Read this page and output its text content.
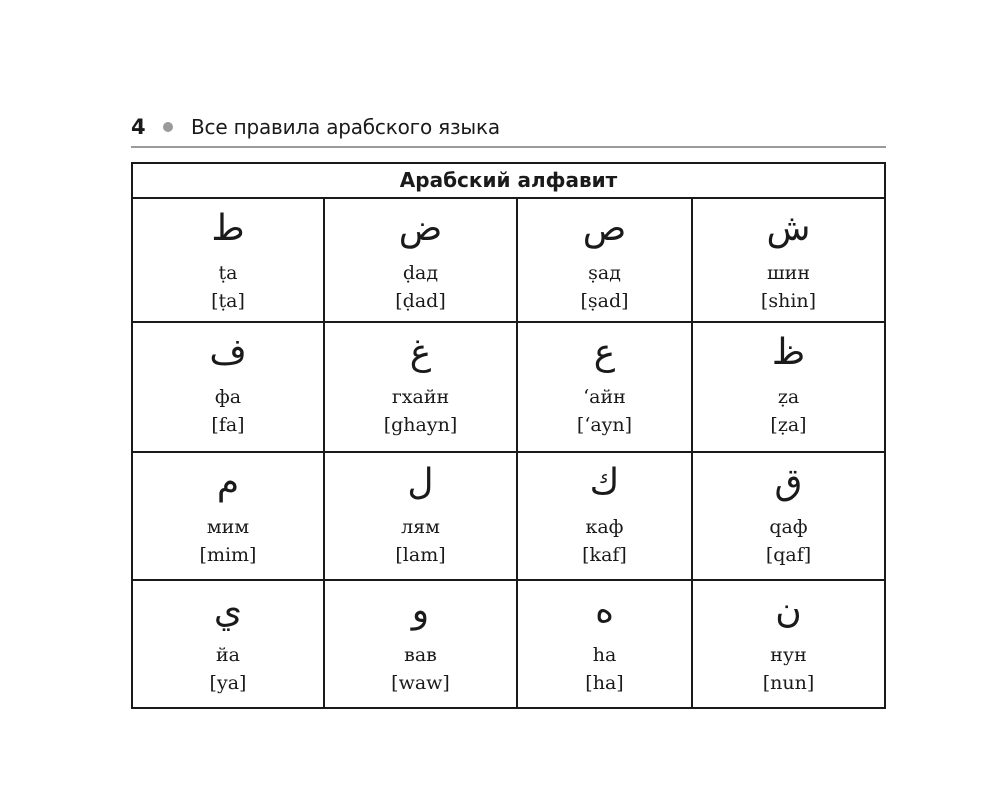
4 Все правила арабского языка
Арабский алфавит
ط
ṭa
[ṭa]
ض
ḍад
[ḍad]
ص
ṣад
[ṣad]
ش
шин
[shin]
ف
фа
[fa]
غ
гхайн
[ghayn]
ع
ʻайн
[ʻayn]
ظ
ẓa
[ẓa]
م
мим
[mim]
ل
лям
[lam]
ك
каф
[kaf]
ق
qаф
[qaf]
ي
йа
[ya]
و
вав
[waw]
ه
ha
[ha]
ن
нун
[nun]
